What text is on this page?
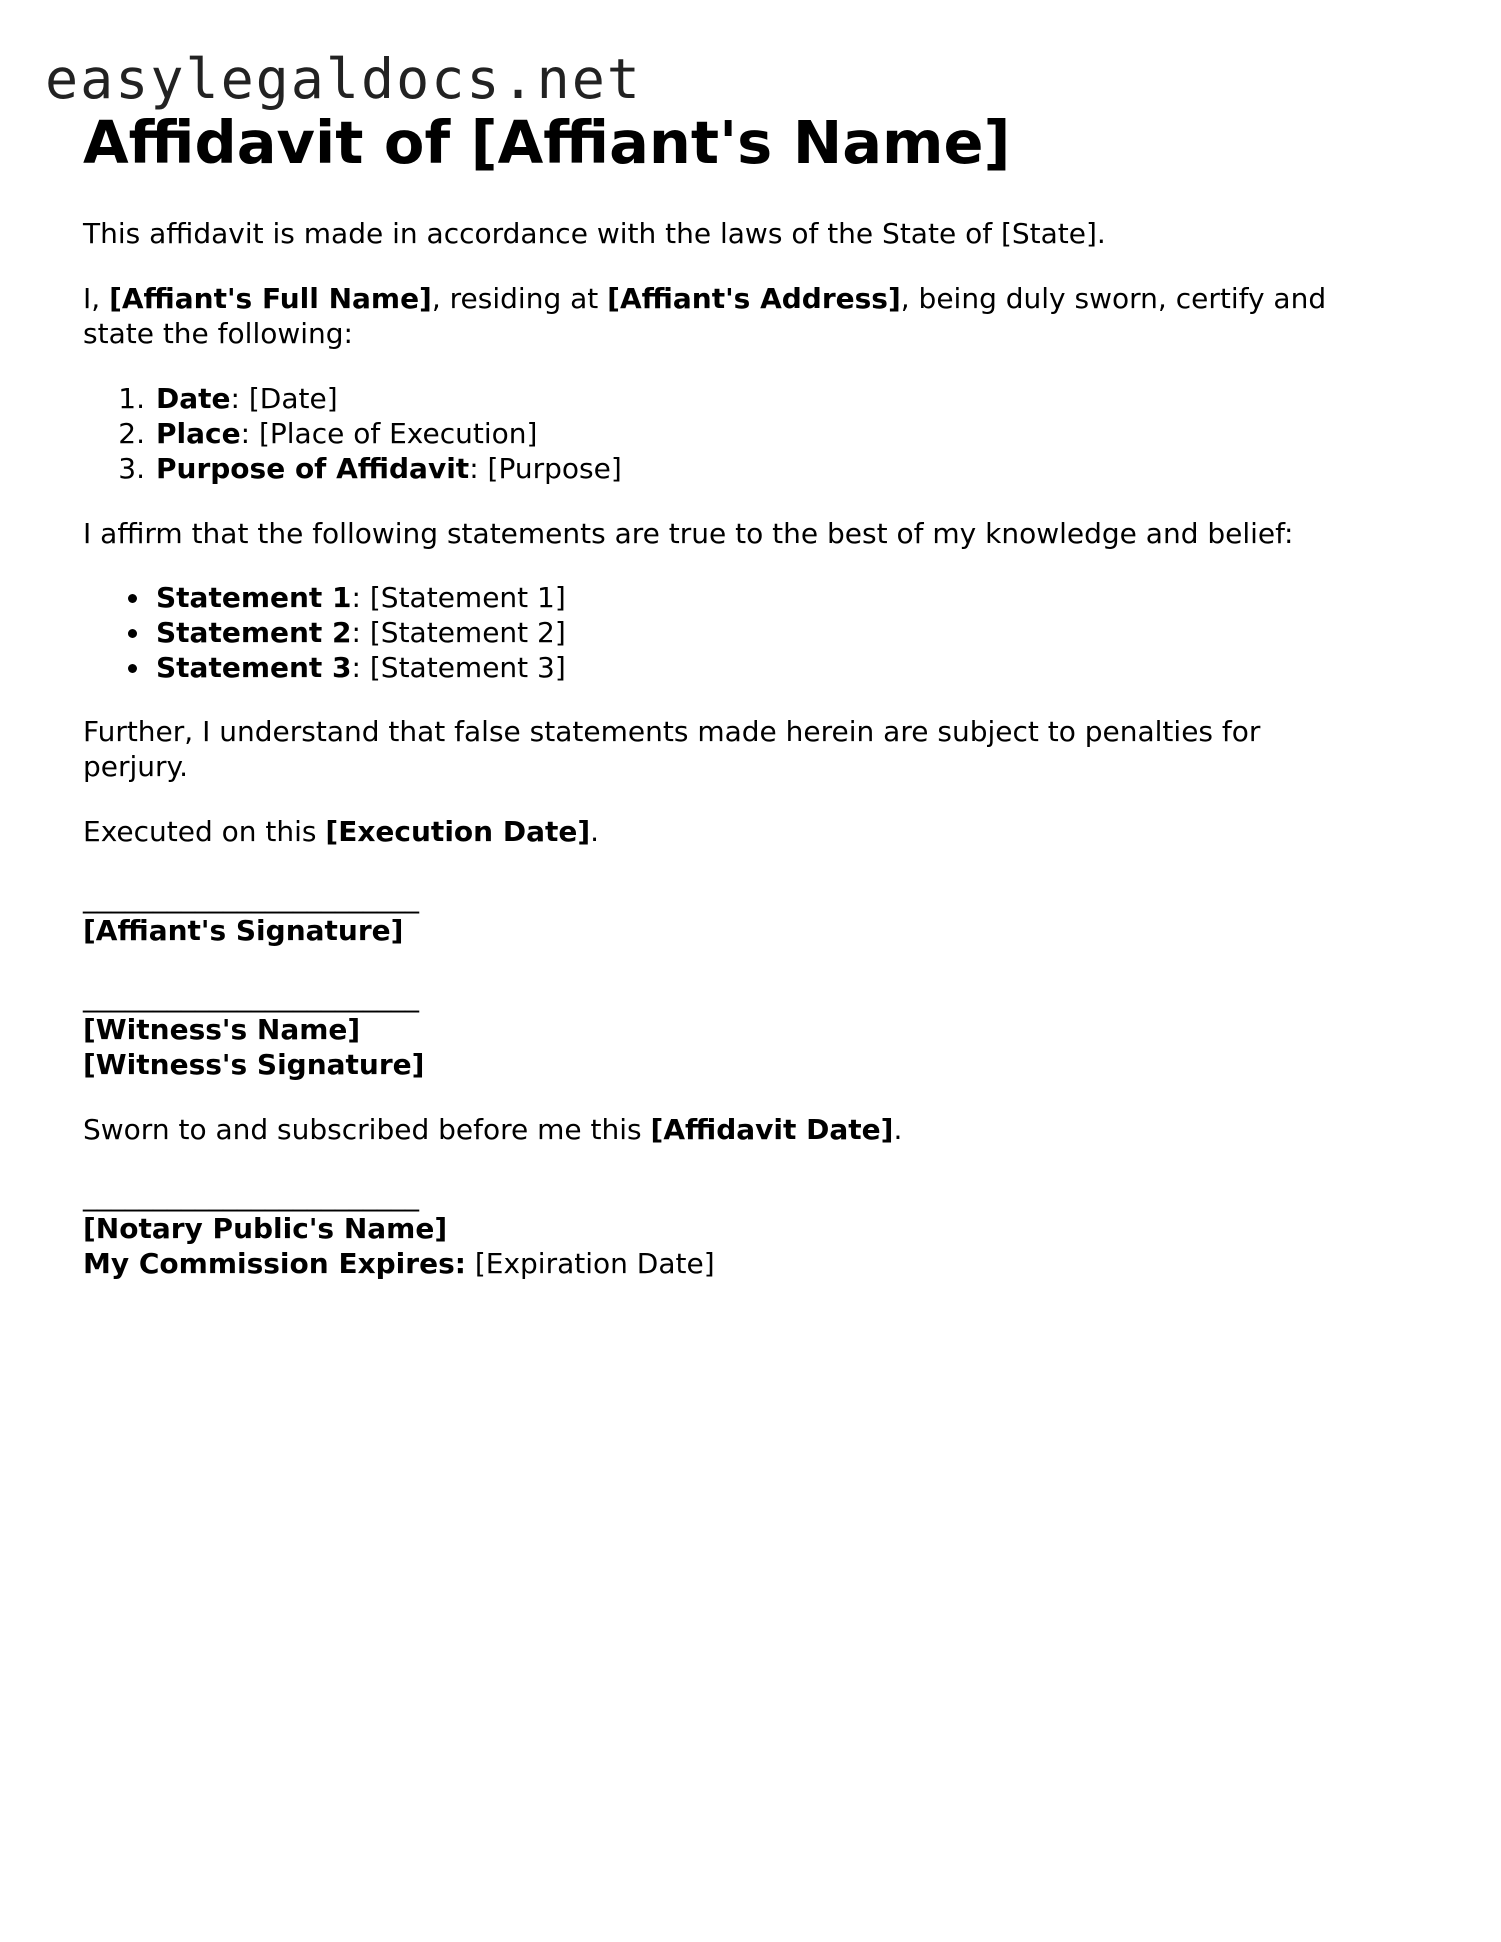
easylegaldocs.net
Affidavit of [Affiant's Name]

This affidavit is made in accordance with the laws of the State of [State].

I, [Affiant's Full Name], residing at [Affiant's Address], being duly sworn, certify and

state the following:

1. Date: [Date]
2. Place: [Place of Execution]
3. Purpose of Affidavit: [Purpose]

I affirm that the following statements are true to the best of my knowledge and belief:

Statement 1: [Statement 1]
Statement 2: [Statement 2]
Statement 3: [Statement 3]

Further, I understand that false statements made herein are subject to penalties for

perjury.

Executed on this [Execution Date].

________________________

[Affiant's Signature]

________________________

[Witness's Name]

[Witness's Signature]

Sworn to and subscribed before me this [Affidavit Date].

________________________

[Notary Public's Name]

My Commission Expires: [Expiration Date]
